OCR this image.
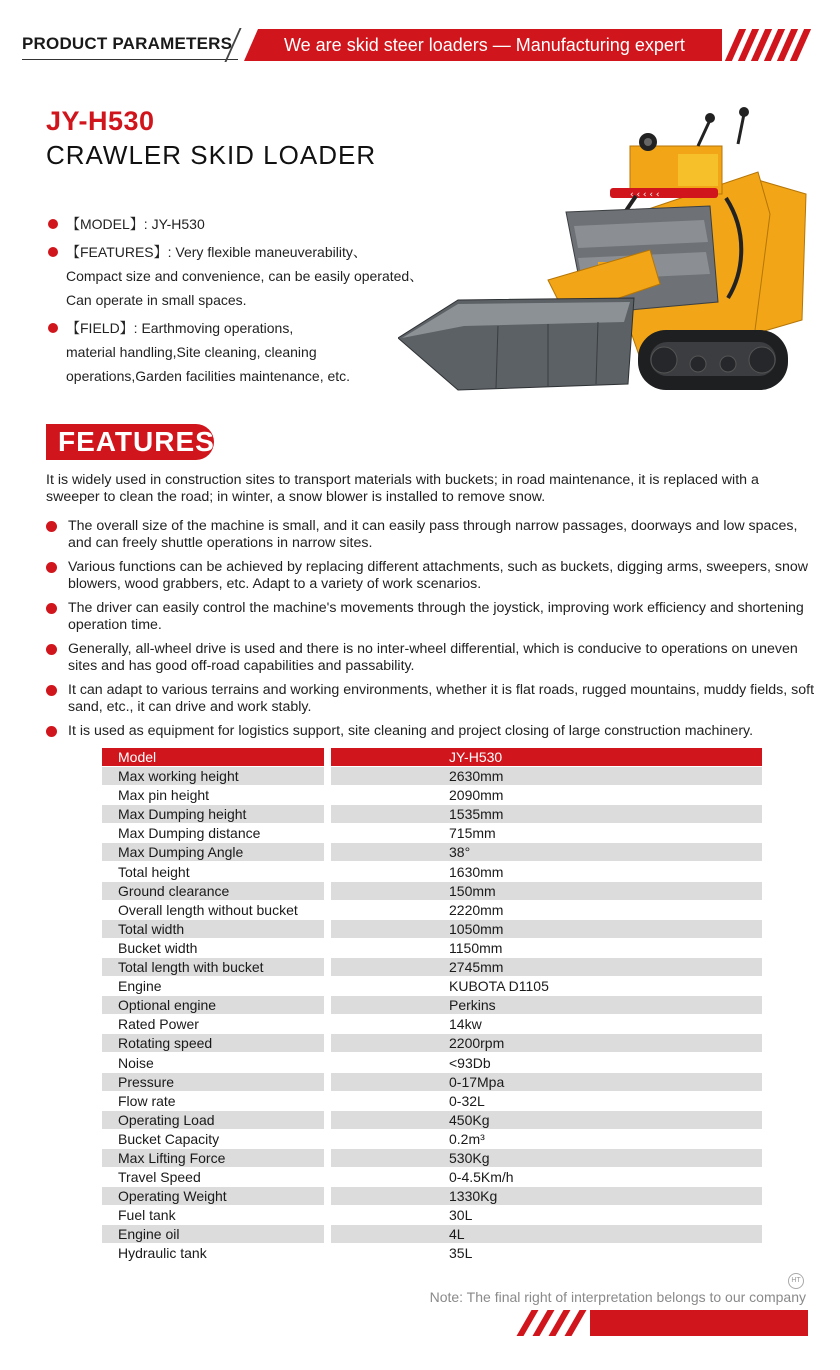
PRODUCT PARAMETERS	We are skid steer loaders — Manufacturing expert
JY-H530
CRAWLER SKID LOADER
【MODEL】: JY-H530
【FEATURES】: Very flexible maneuverability、
Compact size and convenience, can be easily operated、
Can operate in small spaces.
【FIELD】: Earthmoving operations,
material handling,Site cleaning, cleaning
operations,Garden facilities maintenance, etc.
‹ ‹ ‹ ‹ ‹
FEATURES
It is widely used in construction sites to transport materials with buckets; in road maintenance, it is replaced with a sweeper to clean the road; in winter, a snow blower is installed to remove snow.
The overall size of the machine is small, and it can easily pass through narrow passages, doorways and low spaces, and can freely shuttle operations in narrow sites.
Various functions can be achieved by replacing different attachments, such as buckets, digging arms, sweepers, snow blowers, wood grabbers, etc. Adapt to a variety of work scenarios.
The driver can easily control the machine's movements through the joystick, improving work efficiency and shortening operation time.
Generally, all-wheel drive is used and there is no inter-wheel differential, which is conducive to operations on uneven sites and has good off-road capabilities and passability.
It can adapt to various terrains and working environments, whether it is flat roads, rugged mountains, muddy fields, soft sand, etc., it can drive and work stably.
It is used as equipment for logistics support, site cleaning and project closing of large construction machinery.
Model	JY-H530
Max working height	2630mm
Max pin height	2090mm
Max Dumping height	1535mm
Max Dumping distance	715mm
Max Dumping Angle	38°
Total height	1630mm
Ground clearance	150mm
Overall length without bucket	2220mm
Total width	1050mm
Bucket width	1150mm
Total length with bucket	2745mm
Engine	KUBOTA D1105
Optional engine	Perkins
Rated Power	14kw
Rotating speed	2200rpm
Noise	<93Db
Pressure	0-17Mpa
Flow rate	0-32L
Operating Load	450Kg
Bucket Capacity	0.2m³
Max Lifting Force	530Kg
Travel Speed	0-4.5Km/h
Operating Weight	1330Kg
Fuel tank	30L
Engine oil	4L
Hydraulic tank	35L
HT
Note: The final right of interpretation belongs to our company
